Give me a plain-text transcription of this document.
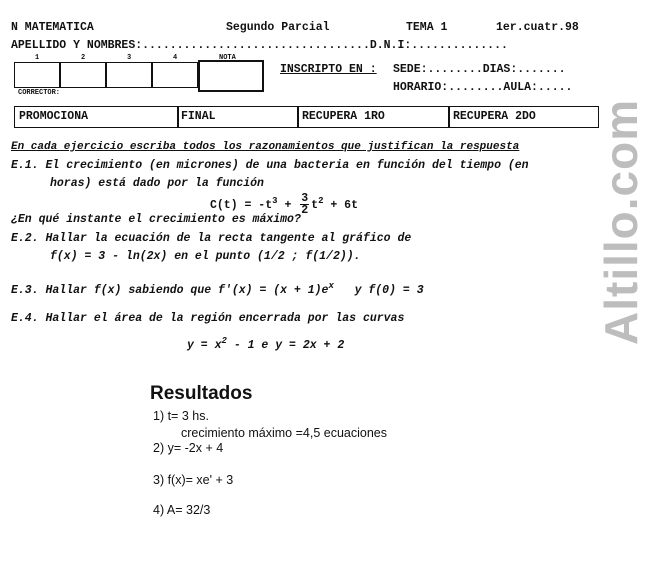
Altillo.com
N MATEMATICA	Segundo Parcial	TEMA 1	1er.cuatr.98
APELLIDO Y NOMBRES:.................................D.N.I:..............
1	2	3	4	NOTA
CORRECTOR:
INSCRIPTO EN : SEDE:........DIAS:.......
HORARIO:........AULA:.....
PROMOCIONA	FINAL	RECUPERA 1RO	RECUPERA 2DO
En cada ejercicio escriba todos los razonamientos que justifican la respuesta
E.1. El crecimiento (en micrones) de una bacteria en función del tiempo (en
horas) está dado por la función
$C(t) = -t^3 + \frac{3}{2} t^2 + 6t$
¿En qué instante el crecimiento es máximo?
E.2. Hallar la ecuación de la recta tangente al gráfico de
f(x) = 3 - ln(2x) en el punto (1/2 ; f(1/2)).
E.3. Hallar f(x) sabiendo que $f'(x) = (x + 1)e^x$ y f(0) = 3
E.4. Hallar el área de la región encerrada por las curvas
$y = x^2 - 1$ e y = 2x + 2
Resultados
1) t= 3 hs.
crecimiento máximo =4,5 ecuaciones
2) y= -2x + 4
3) f(x)= xe' + 3
4) A= 32/3
